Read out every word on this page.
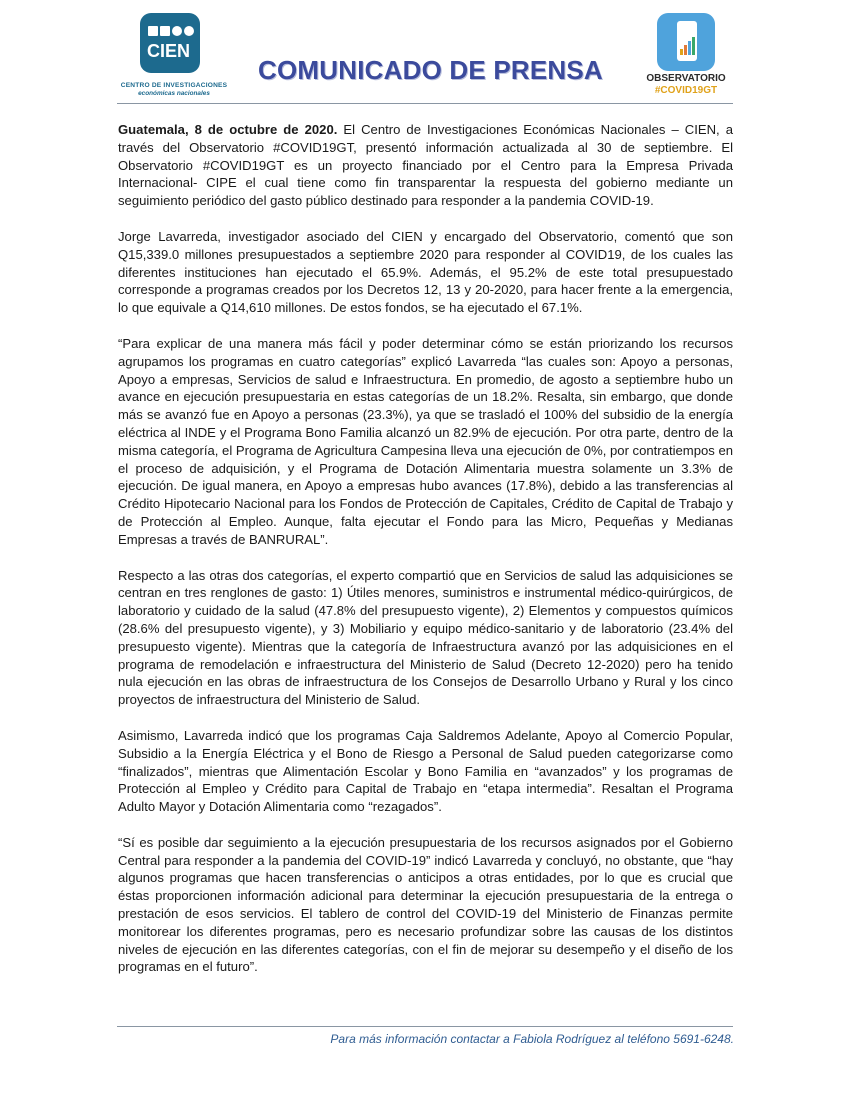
CIEN
CENTRO DE INVESTIGACIONES
económicas nacionales
COMUNICADO DE PRENSA	OBSERVATORIO
#COVID19GT

Guatemala, 8 de octubre de 2020. El Centro de Investigaciones Económicas Nacionales – CIEN, a través del Observatorio #COVID19GT, presentó información actualizada al 30 de septiembre. El Observatorio #COVID19GT es un proyecto financiado por el Centro para la Empresa Privada Internacional- CIPE el cual tiene como fin transparentar la respuesta del gobierno mediante un seguimiento periódico del gasto público destinado para responder a la pandemia COVID-19.

Jorge Lavarreda, investigador asociado del CIEN y encargado del Observatorio, comentó que son Q15,339.0 millones presupuestados a septiembre 2020 para responder al COVID19, de los cuales las diferentes instituciones han ejecutado el 65.9%. Además, el 95.2% de este total presupuestado corresponde a programas creados por los Decretos 12, 13 y 20-2020, para hacer frente a la emergencia, lo que equivale a Q14,610 millones. De estos fondos, se ha ejecutado el 67.1%.

“Para explicar de una manera más fácil y poder determinar cómo se están priorizando los recursos agrupamos los programas en cuatro categorías” explicó Lavarreda “las cuales son: Apoyo a personas, Apoyo a empresas, Servicios de salud e Infraestructura. En promedio, de agosto a septiembre hubo un avance en ejecución presupuestaria en estas categorías de un 18.2%. Resalta, sin embargo, que donde más se avanzó fue en Apoyo a personas (23.3%), ya que se trasladó el 100% del subsidio de la energía eléctrica al INDE y el Programa Bono Familia alcanzó un 82.9% de ejecución. Por otra parte, dentro de la misma categoría, el Programa de Agricultura Campesina lleva una ejecución de 0%, por contratiempos en el proceso de adquisición, y el Programa de Dotación Alimentaria muestra solamente un 3.3% de ejecución. De igual manera, en Apoyo a empresas hubo avances (17.8%), debido a las transferencias al Crédito Hipotecario Nacional para los Fondos de Protección de Capitales, Crédito de Capital de Trabajo y de Protección al Empleo. Aunque, falta ejecutar el Fondo para las Micro, Pequeñas y Medianas Empresas a través de BANRURAL”.

Respecto a las otras dos categorías, el experto compartió que en Servicios de salud las adquisiciones se centran en tres renglones de gasto: 1) Útiles menores, suministros e instrumental médico-quirúrgicos, de laboratorio y cuidado de la salud (47.8% del presupuesto vigente), 2) Elementos y compuestos químicos (28.6% del presupuesto vigente), y 3) Mobiliario y equipo médico-sanitario y de laboratorio (23.4% del presupuesto vigente). Mientras que la categoría de Infraestructura avanzó por las adquisiciones en el programa de remodelación e infraestructura del Ministerio de Salud (Decreto 12-2020) pero ha tenido nula ejecución en las obras de infraestructura de los Consejos de Desarrollo Urbano y Rural y los cinco proyectos de infraestructura del Ministerio de Salud.

Asimismo, Lavarreda indicó que los programas Caja Saldremos Adelante, Apoyo al Comercio Popular, Subsidio a la Energía Eléctrica y el Bono de Riesgo a Personal de Salud pueden categorizarse como “finalizados”, mientras que Alimentación Escolar y Bono Familia en “avanzados” y los programas de Protección al Empleo y Crédito para Capital de Trabajo en “etapa intermedia”. Resaltan el Programa Adulto Mayor y Dotación Alimentaria como “rezagados”.

“Sí es posible dar seguimiento a la ejecución presupuestaria de los recursos asignados por el Gobierno Central para responder a la pandemia del COVID-19” indicó Lavarreda y concluyó, no obstante, que “hay algunos programas que hacen transferencias o anticipos a otras entidades, por lo que es crucial que éstas proporcionen información adicional para determinar la ejecución presupuestaria de la entrega o prestación de esos servicios. El tablero de control del COVID-19 del Ministerio de Finanzas permite monitorear los diferentes programas, pero es necesario profundizar sobre las causas de los distintos niveles de ejecución en las diferentes categorías, con el fin de mejorar su desempeño y el diseño de los programas en el futuro”.

Para más información contactar a Fabiola Rodríguez al teléfono 5691-6248.
